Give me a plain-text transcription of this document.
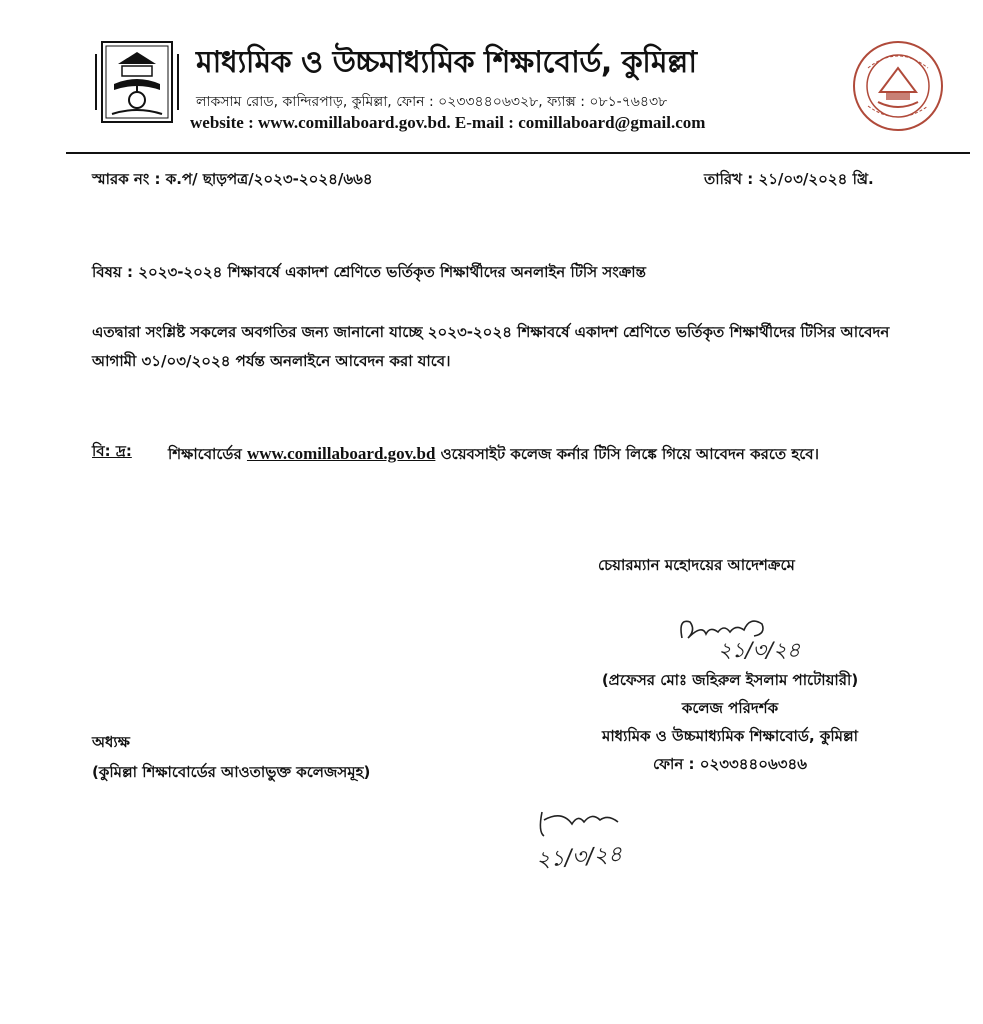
মাধ্যমিক ও উচ্চমাধ্যমিক শিক্ষাবোর্ড, কুমিল্লা
লাকসাম রোড, কান্দিরপাড়, কুমিল্লা, ফোন : ০২৩৩৪৪০৬৩২৮, ফ্যাক্স : ০৮১-৭৬৪৩৮
website : www.comillaboard.gov.bd. E-mail : comillaboard@gmail.com
স্মারক নং : ক.প/ ছাড়পত্র/২০২৩-২০২৪/৬৬৪	তারিখ : ২১/০৩/২০২৪ খ্রি.
বিষয় : ২০২৩-২০২৪ শিক্ষাবর্ষে একাদশ শ্রেণিতে ভর্তিকৃত শিক্ষার্থীদের অনলাইন টিসি সংক্রান্ত
এতদ্বারা সংশ্লিষ্ট সকলের অবগতির জন্য জানানো যাচ্ছে ২০২৩-২০২৪ শিক্ষাবর্ষে একাদশ শ্রেণিতে ভর্তিকৃত শিক্ষার্থীদের টিসির আবেদন আগামী ৩১/০৩/২০২৪ পর্যন্ত অনলাইনে আবেদন করা যাবে।
বি: দ্র: শিক্ষাবোর্ডের www.comillaboard.gov.bd ওয়েবসাইট কলেজ কর্নার টিসি লিঙ্কে গিয়ে আবেদন করতে হবে।
চেয়ারম্যান মহোদয়ের আদেশক্রমে
২১/৩/২৪
(প্রফেসর মোঃ জহিরুল ইসলাম পাটোয়ারী)
কলেজ পরিদর্শক
মাধ্যমিক ও উচ্চমাধ্যমিক শিক্ষাবোর্ড, কুমিল্লা
ফোন : ০২৩৩৪৪০৬৩৪৬
অধ্যক্ষ
(কুমিল্লা শিক্ষাবোর্ডের আওতাভুক্ত কলেজসমূহ)
২১/৩/২৪
